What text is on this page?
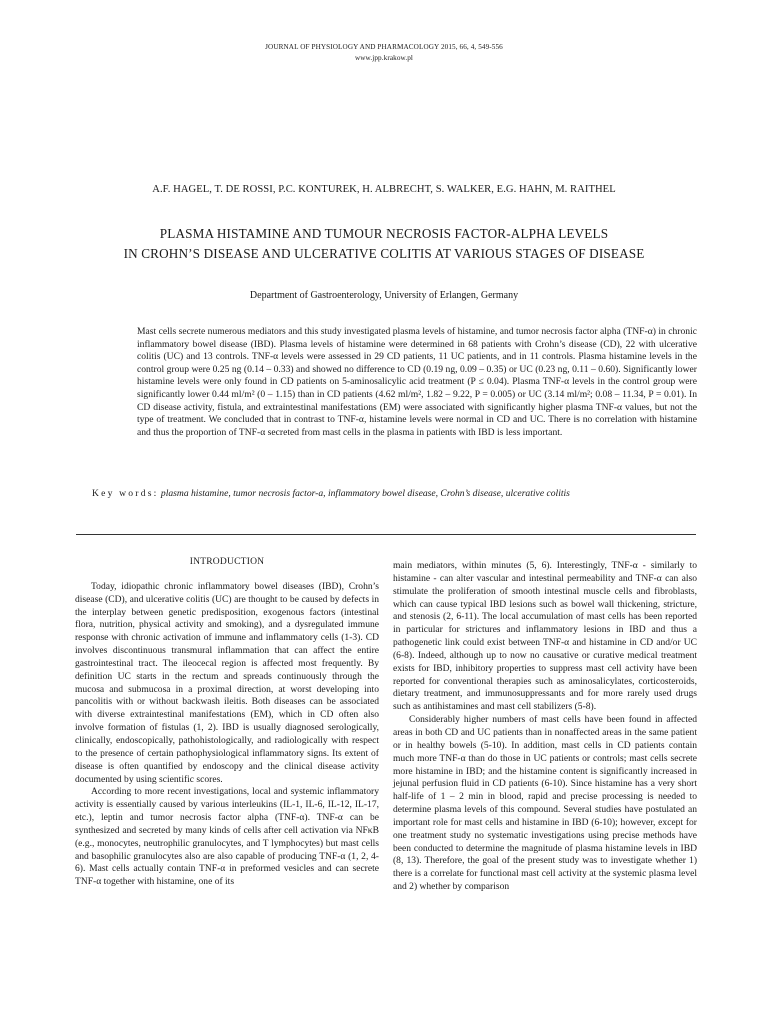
JOURNAL OF PHYSIOLOGY AND PHARMACOLOGY 2015, 66, 4, 549-556
www.jpp.krakow.pl
A.F. HAGEL, T. DE ROSSI, P.C. KONTUREK, H. ALBRECHT, S. WALKER, E.G. HAHN, M. RAITHEL
PLASMA HISTAMINE AND TUMOUR NECROSIS FACTOR-ALPHA LEVELS
IN CROHN’S DISEASE AND ULCERATIVE COLITIS AT VARIOUS STAGES OF DISEASE
Department of Gastroenterology, University of Erlangen, Germany
Mast cells secrete numerous mediators and this study investigated plasma levels of histamine, and tumor necrosis factor alpha (TNF-α) in chronic inflammatory bowel disease (IBD). Plasma levels of histamine were determined in 68 patients with Crohn’s disease (CD), 22 with ulcerative colitis (UC) and 13 controls. TNF-α levels were assessed in 29 CD patients, 11 UC patients, and in 11 controls. Plasma histamine levels in the control group were 0.25 ng (0.14 – 0.33) and showed no difference to CD (0.19 ng, 0.09 – 0.35) or UC (0.23 ng, 0.11 – 0.60). Significantly lower histamine levels were only found in CD patients on 5-aminosalicylic acid treatment (P ≤ 0.04). Plasma TNF-α levels in the control group were significantly lower 0.44 ml/m² (0 – 1.15) than in CD patients (4.62 ml/m², 1.82 – 9.22, P = 0.005) or UC (3.14 ml/m²; 0.08 – 11.34, P = 0.01). In CD disease activity, fistula, and extraintestinal manifestations (EM) were associated with significantly higher plasma TNF-α values, but not the type of treatment. We concluded that in contrast to TNF-α, histamine levels were normal in CD and UC. There is no correlation with histamine and thus the proportion of TNF-α secreted from mast cells in the plasma in patients with IBD is less important.
Key words: plasma histamine, tumor necrosis factor-a, inflammatory bowel disease, Crohn’s disease, ulcerative colitis
INTRODUCTION

Today, idiopathic chronic inflammatory bowel diseases (IBD), Crohn’s disease (CD), and ulcerative colitis (UC) are thought to be caused by defects in the interplay between genetic predisposition, exogenous factors (intestinal flora, nutrition, physical activity and smoking), and a dysregulated immune response with chronic activation of immune and inflammatory cells (1-3). CD involves discontinuous transmural inflammation that can affect the entire gastrointestinal tract. The ileocecal region is affected most frequently. By definition UC starts in the rectum and spreads continuously through the mucosa and submucosa in a proximal direction, at worst developing into pancolitis with or without backwash ileitis. Both diseases can be associated with diverse extraintestinal manifestations (EM), which in CD often also involve formation of fistulas (1, 2). IBD is usually diagnosed serologically, clinically, endoscopically, pathohistologically, and radiologically with respect to the presence of certain pathophysiological inflammatory signs. Its extent of disease is often quantified by endoscopy and the clinical disease activity documented by using scientific scores.

According to more recent investigations, local and systemic inflammatory activity is essentially caused by various interleukins (IL-1, IL-6, IL-12, IL-17, etc.), leptin and tumor necrosis factor alpha (TNF-α). TNF-α can be synthesized and secreted by many kinds of cells after cell activation via NFκB (e.g., monocytes, neutrophilic granulocytes, and T lymphocytes) but mast cells and basophilic granulocytes also are also capable of producing TNF-α (1, 2, 4-6). Mast cells actually contain TNF-α in preformed vesicles and can secrete TNF-α together with histamine, one of its

main mediators, within minutes (5, 6). Interestingly, TNF-α - similarly to histamine - can alter vascular and intestinal permeability and TNF-α can also stimulate the proliferation of smooth intestinal muscle cells and fibroblasts, which can cause typical IBD lesions such as bowel wall thickening, stricture, and stenosis (2, 6-11). The local accumulation of mast cells has been reported in particular for strictures and inflammatory lesions in IBD and thus a pathogenetic link could exist between TNF-α and histamine in CD and/or UC (6-8). Indeed, although up to now no causative or curative medical treatment exists for IBD, inhibitory properties to suppress mast cell activity have been reported for conventional therapies such as aminosalicylates, corticosteroids, dietary treatment, and immunosuppressants and for more rarely used drugs such as antihistamines and mast cell stabilizers (5-8).

Considerably higher numbers of mast cells have been found in affected areas in both CD and UC patients than in nonaffected areas in the same patient or in healthy bowels (5-10). In addition, mast cells in CD patients contain much more TNF-α than do those in UC patients or controls; mast cells secrete more histamine in IBD; and the histamine content is significantly increased in jejunal perfusion fluid in CD patients (6-10). Since histamine has a very short half-life of 1 – 2 min in blood, rapid and precise processing is needed to determine plasma levels of this compound. Several studies have postulated an important role for mast cells and histamine in IBD (6-10); however, except for one treatment study no systematic investigations using precise methods have been conducted to determine the magnitude of plasma histamine levels in IBD (8, 13). Therefore, the goal of the present study was to investigate whether 1) there is a correlate for functional mast cell activity at the systemic plasma level and 2) whether by comparison
